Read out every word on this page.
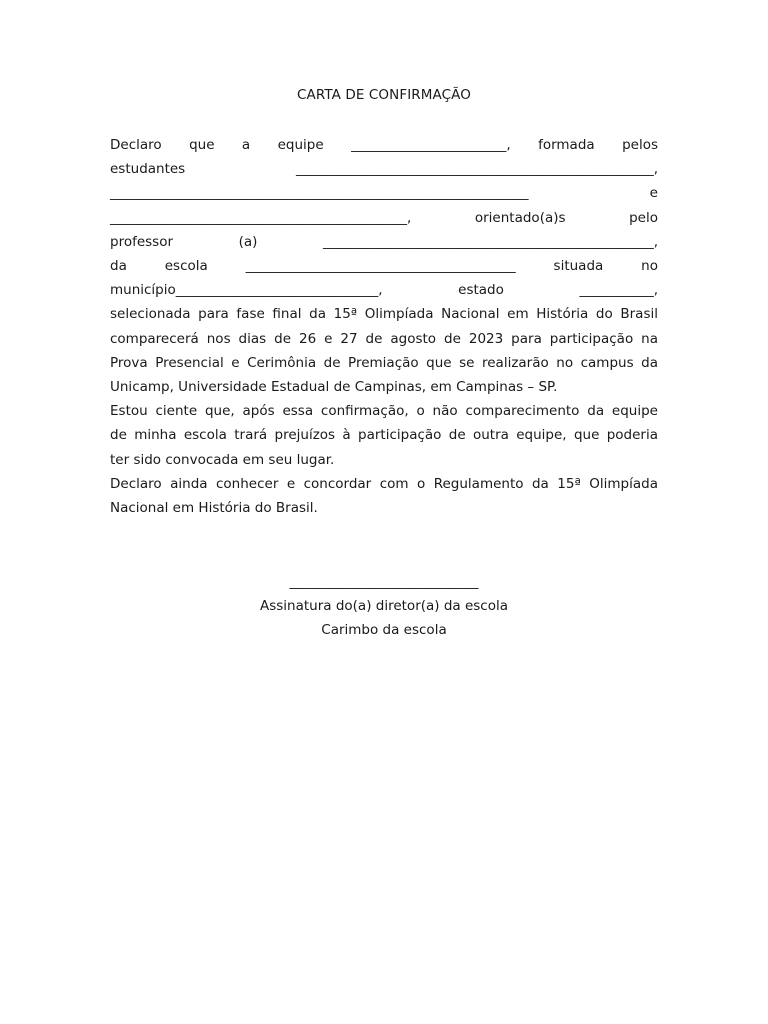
CARTA DE CONFIRMAÇÃO
Declaro que a equipe _______________________, formada pelos
estudantes _____________________________________________________,
______________________________________________________________ e
____________________________________________, orientado(a)s pelo
professor (a) _________________________________________________,
da escola ________________________________________ situada no
município______________________________, estado ___________,
selecionada para fase final da 15ª Olimpíada Nacional em História do Brasil
comparecerá nos dias de 26 e 27 de agosto de 2023 para participação na
Prova Presencial e Cerimônia de Premiação que se realizarão no campus da
Unicamp, Universidade Estadual de Campinas, em Campinas – SP.
Estou ciente que, após essa confirmação, o não comparecimento da equipe
de minha escola trará prejuízos à participação de outra equipe, que poderia
ter sido convocada em seu lugar.
Declaro ainda conhecer e concordar com o Regulamento da 15ª Olimpíada
Nacional em História do Brasil.
____________________________
Assinatura do(a) diretor(a) da escola
Carimbo da escola
